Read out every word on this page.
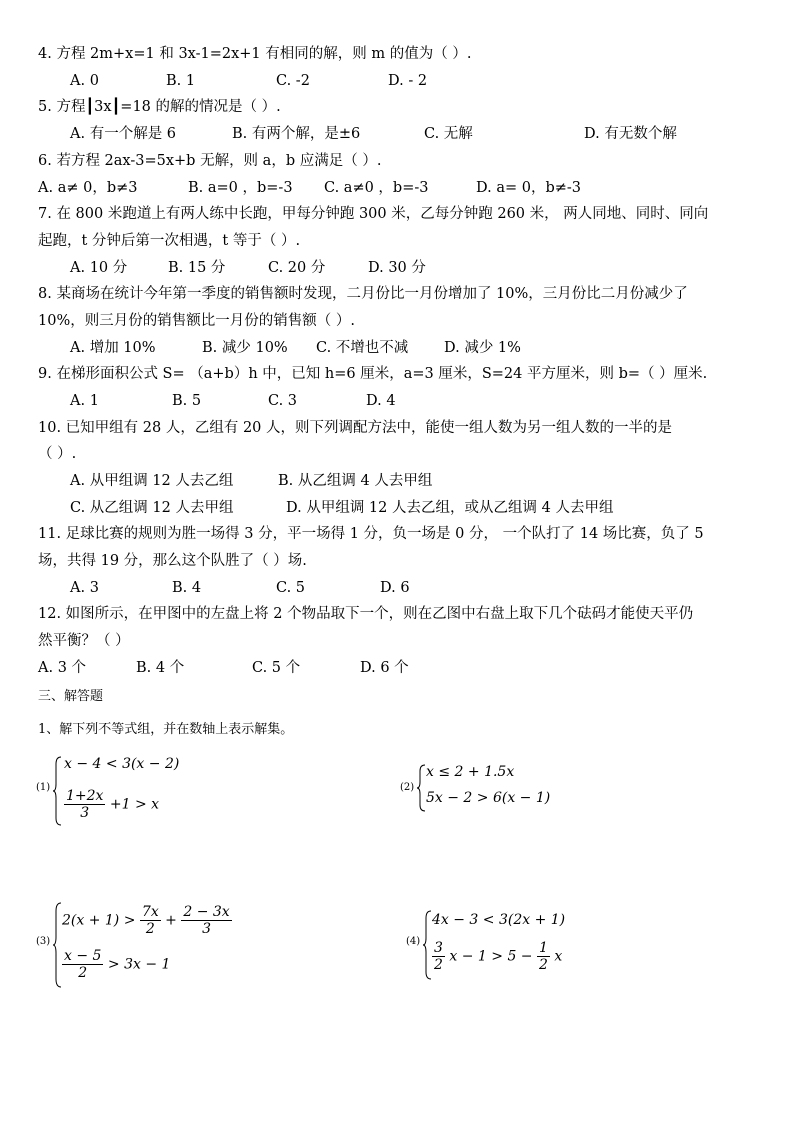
4. 方程 2m+x=1 和 3x-1=2x+1 有相同的解，则 m 的值为（ ）.
A. 0	B. 1	C. -2	D. - 2
5. 方程┃3x┃=18 的解的情况是（ ）.
A. 有一个解是 6	B. 有两个解，是±6	C. 无解	D. 有无数个解
6. 若方程 2ax-3=5x+b 无解，则 a，b 应满足（ ）.
A. a≠ 0，b≠3	B. a=0 ，b=-3 C. a≠0 ，b=-3	D. a= 0，b≠-3
7. 在 800 米跑道上有两人练中长跑，甲每分钟跑 300 米，乙每分钟跑 260 米， 两人同地、同时、同向
起跑，t 分钟后第一次相遇，t 等于（ ）.
A. 10 分	B. 15 分	C. 20 分	D. 30 分
8. 某商场在统计今年第一季度的销售额时发现，二月份比一月份增加了 10%，三月份比二月份减少了
10%，则三月份的销售额比一月份的销售额（ ）.
A. 增加 10%	B. 减少 10% C. 不增也不减 D. 减少 1%
9. 在梯形面积公式 S= （a+b）h 中，已知 h=6 厘米，a=3 厘米，S=24 平方厘米，则 b=（ ）厘米.
A. 1	B. 5	C. 3	D. 4
10. 已知甲组有 28 人，乙组有 20 人，则下列调配方法中，能使一组人数为另一组人数的一半的是
（ ）.
A. 从甲组调 12 人去乙组	B. 从乙组调 4 人去甲组
C. 从乙组调 12 人去甲组	D. 从甲组调 12 人去乙组，或从乙组调 4 人去甲组
11. 足球比赛的规则为胜一场得 3 分，平一场得 1 分，负一场是 0 分， 一个队打了 14 场比赛，负了 5
场，共得 19 分，那么这个队胜了（ ）场.
A. 3	B. 4	C. 5	D. 6
12. 如图所示，在甲图中的左盘上将 2 个物品取下一个，则在乙图中右盘上取下几个砝码才能使天平仍
然平衡？（ ）
A. 3 个	B. 4 个	C. 5 个	D. 6 个
三、解答题
1、解下列不等式组，并在数轴上表示解集。
(1)
x − 4 < 3(x − 2)
$\frac{1+2x}{3} +1 > x$
(2)
x ≤ 2 + 1.5x
5x − 2 > 6(x − 1)
(3)
$2(x + 1) > \frac{7x}{2} + \frac{2 - 3x}{3}$
$\frac{x - 5}{2} > 3x - 1$
(4)
4x − 3 < 3(2x + 1)
$\frac{3}{2}$ $x - 1 > 5 - \frac{1}{2}$ x
